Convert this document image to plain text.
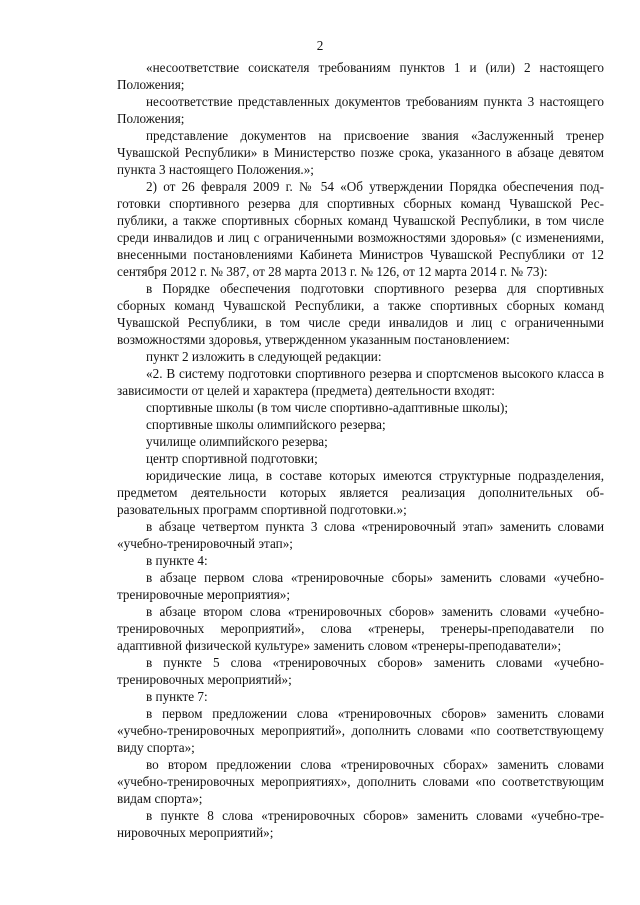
2

«несоответствие соискателя требованиям пунктов 1 и (или) 2 настоящего Положения;

несоответствие представленных документов требованиям пункта 3 настоящего Положения;

представление документов на присвоение звания «Заслуженный тренер Чувашской Республики» в Министерство позже срока, указанного в абзаце девятом пункта 3 настоящего Положения.»;

2) от 26 февраля 2009 г. № 54 «Об утверждении Порядка обеспечения подготовки спортивного резерва для спортивных сборных команд Чувашской Республики, а также спортивных сборных команд Чувашской Республики, в том числе среди инвалидов и лиц с ограниченными возможностями здоровья» (с изменениями, внесенными постановлениями Кабинета Министров Чувашской Республики от 12 сентября 2012 г. № 387, от 28 марта 2013 г. № 126, от 12 марта 2014 г. № 73):

в Порядке обеспечения подготовки спортивного резерва для спортивных сборных команд Чувашской Республики, а также спортивных сборных команд Чувашской Республики, в том числе среди инвалидов и лиц с ограниченными возможностями здоровья, утвержденном указанным постановлением:

пункт 2 изложить в следующей редакции:

«2. В систему подготовки спортивного резерва и спортсменов высокого класса в зависимости от целей и характера (предмета) деятельности входят:

спортивные школы (в том числе спортивно-адаптивные школы);

спортивные школы олимпийского резерва;

училище олимпийского резерва;

центр спортивной подготовки;

юридические лица, в составе которых имеются структурные подразделения, предметом деятельности которых является реализация дополнительных образовательных программ спортивной подготовки.»;

в абзаце четвертом пункта 3 слова «тренировочный этап» заменить словами «учебно-тренировочный этап»;

в пункте 4:

в абзаце первом слова «тренировочные сборы» заменить словами «учебно-тренировочные мероприятия»;

в абзаце втором слова «тренировочных сборов» заменить словами «учебно-тренировочных мероприятий», слова «тренеры, тренеры-преподаватели по адаптивной физической культуре» заменить словом «тренеры-преподаватели»;

в пункте 5 слова «тренировочных сборов» заменить словами «учебно-тренировочных мероприятий»;

в пункте 7:

в первом предложении слова «тренировочных сборов» заменить словами «учебно-тренировочных мероприятий», дополнить словами «по соответствующему виду спорта»;

во втором предложении слова «тренировочных сборах» заменить словами «учебно-тренировочных мероприятиях», дополнить словами «по соответствующим видам спорта»;

в пункте 8 слова «тренировочных сборов» заменить словами «учебно-тренировочных мероприятий»;
